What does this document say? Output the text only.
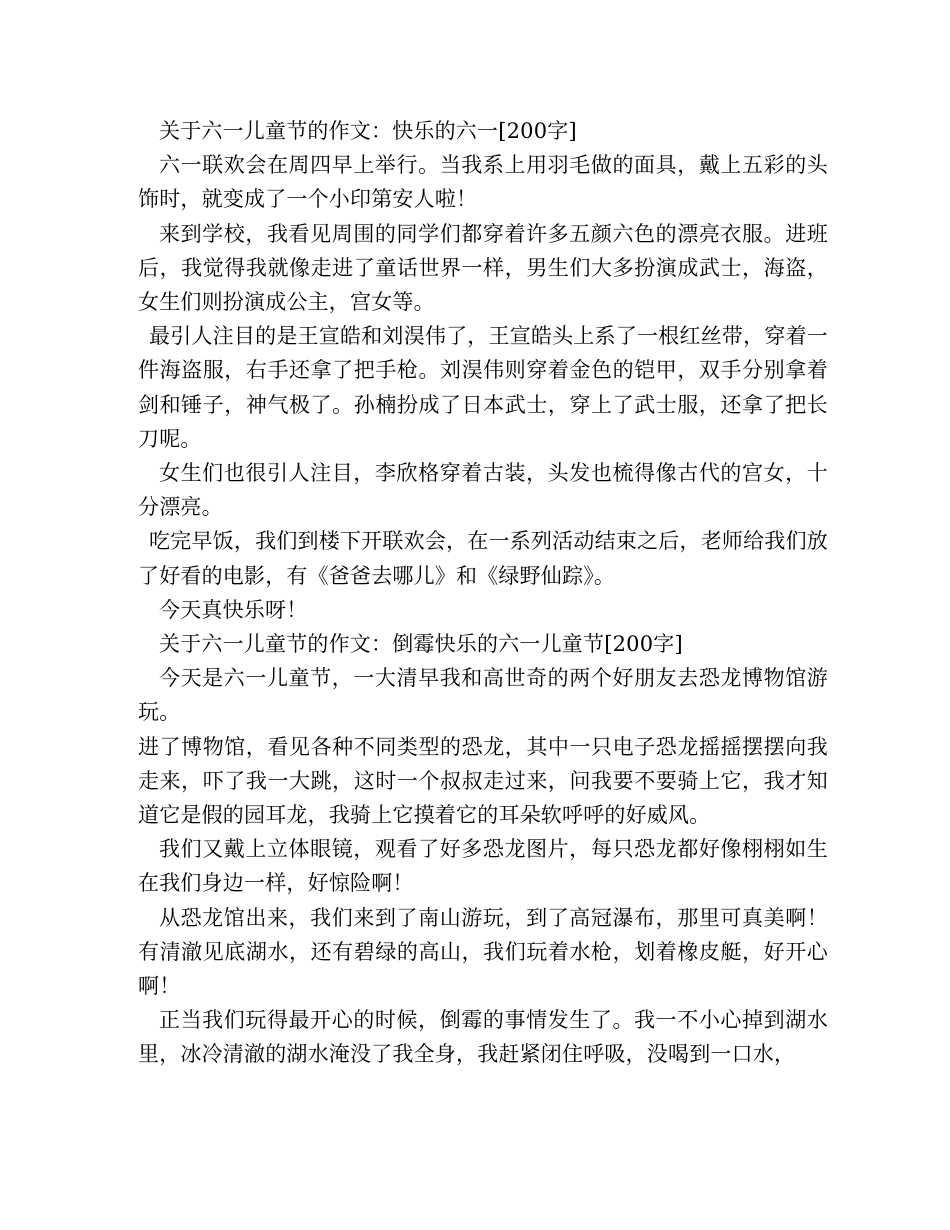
关于六一儿童节的作文：快乐的六一[200字]

六一联欢会在周四早上举行。当我系上用羽毛做的面具，戴上五彩的头饰时，就变成了一个小印第安人啦！

来到学校，我看见周围的同学们都穿着许多五颜六色的漂亮衣服。进班后，我觉得我就像走进了童话世界一样，男生们大多扮演成武士，海盗，女生们则扮演成公主，宫女等。

最引人注目的是王宣皓和刘淏伟了，王宣皓头上系了一根红丝带，穿着一件海盗服，右手还拿了把手枪。刘淏伟则穿着金色的铠甲，双手分别拿着剑和锤子，神气极了。孙楠扮成了日本武士，穿上了武士服，还拿了把长刀呢。

女生们也很引人注目，李欣格穿着古装，头发也梳得像古代的宫女，十分漂亮。

吃完早饭，我们到楼下开联欢会，在一系列活动结束之后，老师给我们放了好看的电影，有《爸爸去哪儿》和《绿野仙踪》。

今天真快乐呀！

关于六一儿童节的作文：倒霉快乐的六一儿童节[200字]

今天是六一儿童节，一大清早我和高世奇的两个好朋友去恐龙博物馆游玩。

进了博物馆，看见各种不同类型的恐龙，其中一只电子恐龙摇摇摆摆向我走来，吓了我一大跳，这时一个叔叔走过来，问我要不要骑上它，我才知道它是假的园耳龙，我骑上它摸着它的耳朵软呼呼的好威风。

我们又戴上立体眼镜，观看了好多恐龙图片，每只恐龙都好像栩栩如生在我们身边一样，好惊险啊！

从恐龙馆出来，我们来到了南山游玩，到了高冠瀑布，那里可真美啊！有清澈见底湖水，还有碧绿的高山，我们玩着水枪，划着橡皮艇，好开心啊！

正当我们玩得最开心的时候，倒霉的事情发生了。我一不小心掉到湖水里，冰冷清澈的湖水淹没了我全身，我赶紧闭住呼吸，没喝到一口水，
